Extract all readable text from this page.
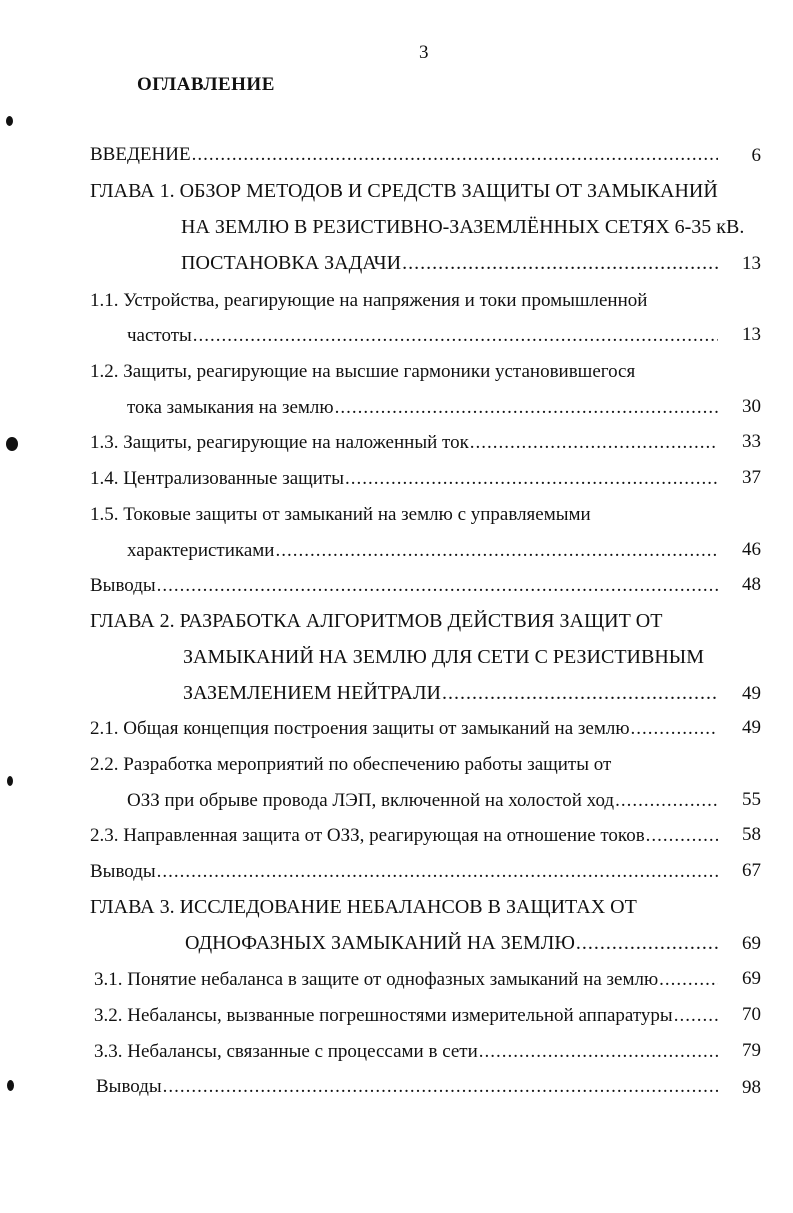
3
ОГЛАВЛЕНИЕ
ВВЕДЕНИЕ .....	6
ГЛАВА 1. ОБЗОР МЕТОДОВ И СРЕДСТВ ЗАЩИТЫ ОТ ЗАМЫКАНИЙ
НА ЗЕМЛЮ В РЕЗИСТИВНО-ЗАЗЕМЛЁННЫХ СЕТЯХ 6-35 кВ.
ПОСТАНОВКА ЗАДАЧИ .....	13
1.1. Устройства, реагирующие на напряжения и токи промышленной
частоты .....	13
1.2. Защиты, реагирующие на высшие гармоники установившегося
тока замыкания на землю .....	30
1.3. Защиты, реагирующие на наложенный ток .....	33
1.4. Централизованные защиты .....	37
1.5. Токовые защиты от замыканий на землю с управляемыми
характеристиками .....	46
Выводы .....	48
ГЛАВА 2. РАЗРАБОТКА АЛГОРИТМОВ ДЕЙСТВИЯ ЗАЩИТ ОТ
ЗАМЫКАНИЙ НА ЗЕМЛЮ ДЛЯ СЕТИ С РЕЗИСТИВНЫМ
ЗАЗЕМЛЕНИЕМ НЕЙТРАЛИ .....	49
2.1. Общая концепция построения защиты от замыканий на землю .....	49
2.2. Разработка мероприятий по обеспечению работы защиты от
ОЗЗ при обрыве провода ЛЭП, включенной на холостой ход .....	55
2.3. Направленная защита от ОЗЗ, реагирующая на отношение токов .....	58
Выводы .....	67
ГЛАВА 3. ИССЛЕДОВАНИЕ НЕБАЛАНСОВ В ЗАЩИТАХ ОТ
ОДНОФАЗНЫХ ЗАМЫКАНИЙ НА ЗЕМЛЮ .....	69
3.1. Понятие небаланса в защите от однофазных замыканий на землю .....	69
3.2. Небалансы, вызванные погрешностями измерительной аппаратуры .....	70
3.3. Небалансы, связанные с процессами в сети .....	79
Выводы .....	98
